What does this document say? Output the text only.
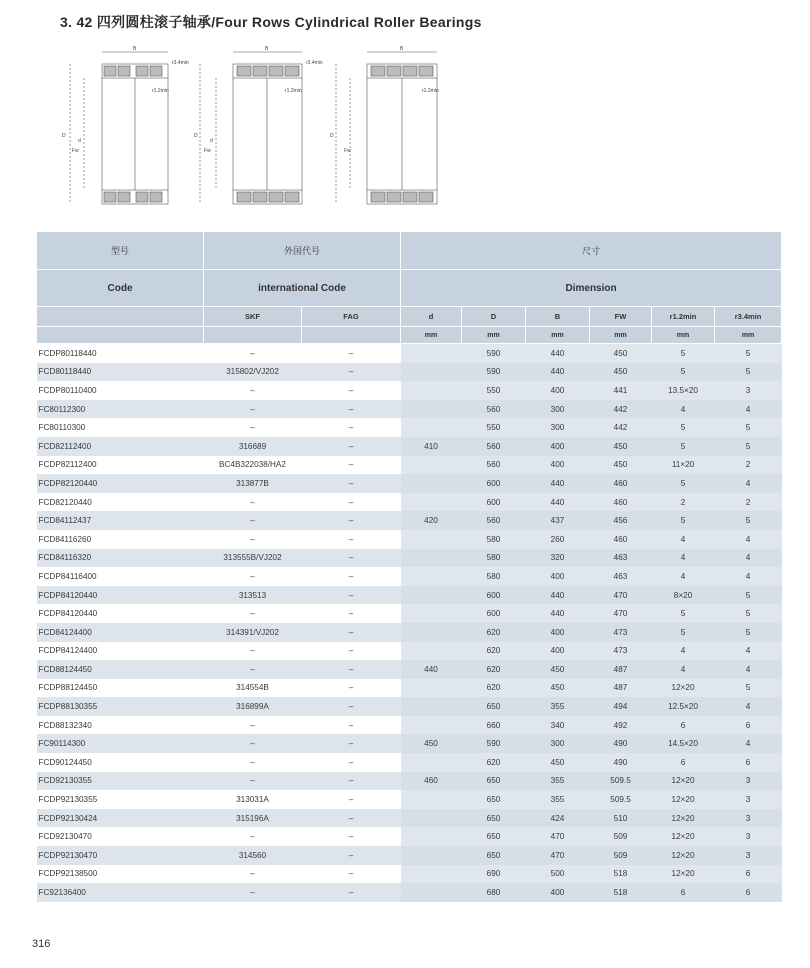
3. 42 四列圆柱滚子轴承/Four Rows Cylindrical Roller Bearings
B	B	B
D
d
Fw
D
d
Fw
D
Fw
r3.4min
r1.2min
r3.4min
r1.2min	r1.2min
型号	外国代号		尺寸					
Code	international Code		Dimension					
	SKF	FAG	d	D	B	FW	r1.2min	r3.4min
			mm	mm	mm	mm	mm	mm
FCDP80118440	–	–		590	440	450	5	5
FCD80118440	315802/VJ202	–		590	440	450	5	5
FCDP80110400	–	–		550	400	441	13.5×20	3
FC80112300	–	–		560	300	442	4	4
FC80110300	–	–		550	300	442	5	5
FCD82112400	316689	–	410	560	400	450	5	5
FCDP82112400	BC4B322038/HA2	–		560	400	450	11×20	2
FCDP82120440	313877B	–		600	440	460	5	4
FCD82120440	–	–		600	440	460	2	2
FCD84112437	–	–	420	560	437	456	5	5
FCD84116260	–	–		580	260	460	4	4
FCD84116320	313555B/VJ202	–		580	320	463	4	4
FCDP84116400	–	–		580	400	463	4	4
FCDP84120440	313513	–		600	440	470	8×20	5
FCDP84120440	–	–		600	440	470	5	5
FCD84124400	314391/VJ202	–		620	400	473	5	5
FCDP84124400	–	–		620	400	473	4	4
FCD88124450	–	–	440	620	450	487	4	4
FCDP88124450	314554B	–		620	450	487	12×20	5
FCDP88130355	316899A	–		650	355	494	12.5×20	4
FCD88132340	–	–		660	340	492	6	6
FC90114300	–	–	450	590	300	490	14.5×20	4
FCD90124450	–	–		620	450	490	6	6
FCD92130355	–	–	460	650	355	509.5	12×20	3
FCDP92130355	313031A	–		650	355	509.5	12×20	3
FCDP92130424	315196A	–		650	424	510	12×20	3
FCD92130470	–	–		650	470	509	12×20	3
FCDP92130470	314560	–		650	470	509	12×20	3
FCDP92138500	–	–		690	500	518	12×20	6
FC92136400	–	–		680	400	518	6	6
316
